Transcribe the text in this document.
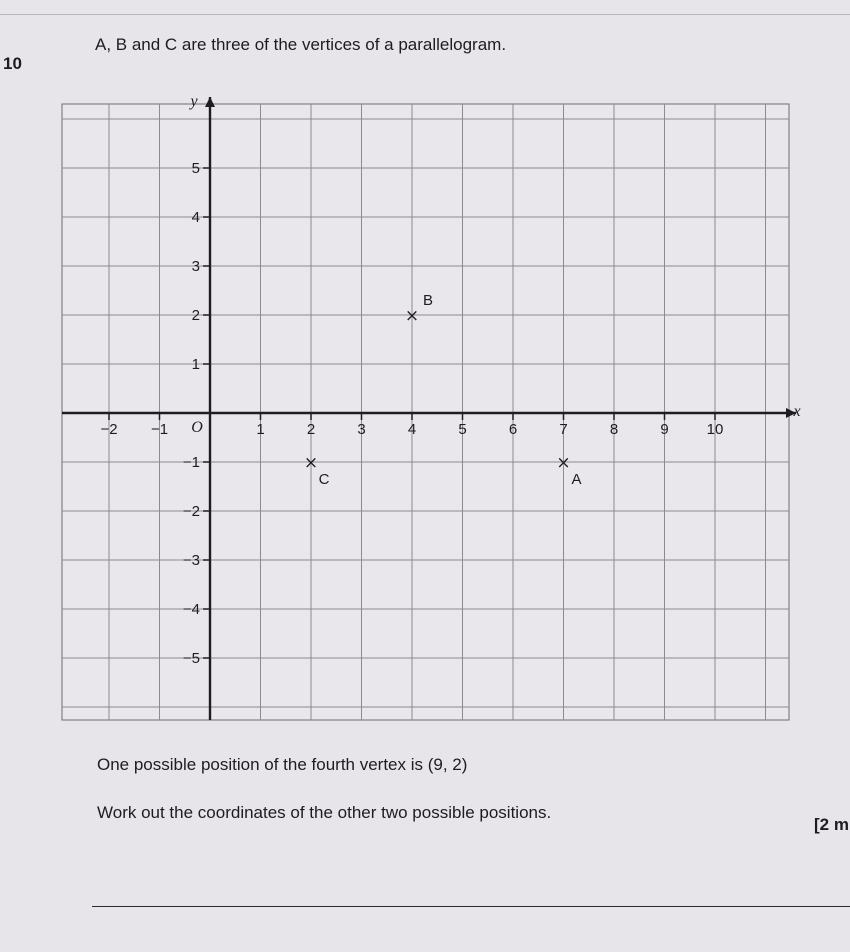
10
A, B and C are three of the vertices of a parallelogram.
x
y
O
−2 −1	1	2	3	4	5	6	7	8	9	10
−5
−4
−3
−2
−1
1
2
3
4
5
×
A
×
B
×
C
One possible position of the fourth vertex is (9, 2)
Work out the coordinates of the other two possible positions.
[2 m
